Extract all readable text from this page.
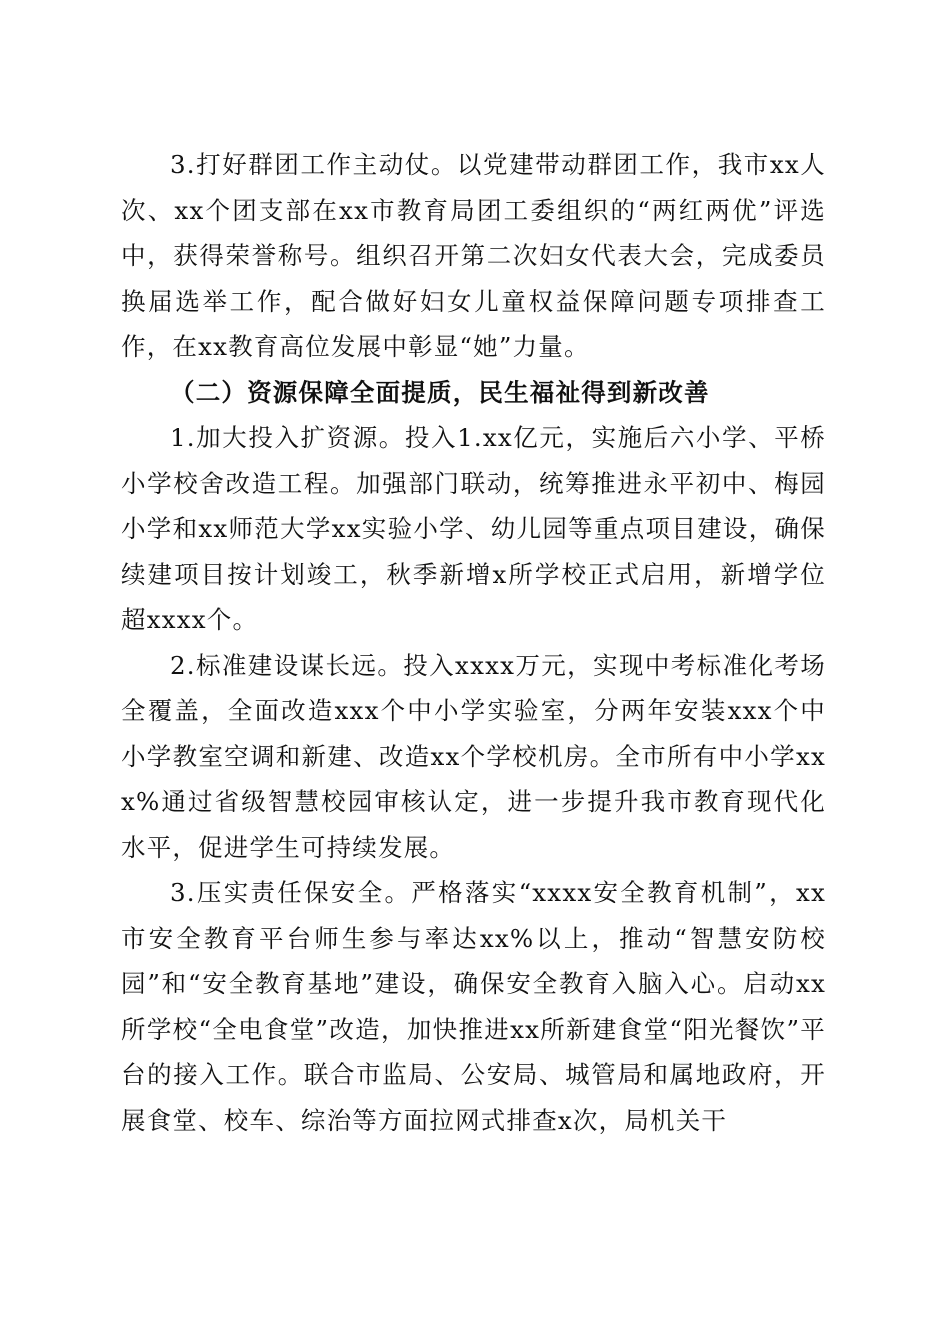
3.打好群团工作主动仗。以党建带动群团工作，我市xx人次、xx个团支部在xx市教育局团工委组织的“两红两优”评选中，获得荣誉称号。组织召开第二次妇女代表大会，完成委员换届选举工作，配合做好妇女儿童权益保障问题专项排查工作，在xx教育高位发展中彰显“她”力量。

（二）资源保障全面提质，民生福祉得到新改善

1.加大投入扩资源。投入1.xx亿元，实施后六小学、平桥小学校舍改造工程。加强部门联动，统筹推进永平初中、梅园小学和xx师范大学xx实验小学、幼儿园等重点项目建设，确保续建项目按计划竣工，秋季新增x所学校正式启用，新增学位超xxxx个。

2.标准建设谋长远。投入xxxx万元，实现中考标准化考场全覆盖，全面改造xxx个中小学实验室，分两年安装xxx个中小学教室空调和新建、改造xx个学校机房。全市所有中小学xxx%通过省级智慧校园审核认定，进一步提升我市教育现代化水平，促进学生可持续发展。

3.压实责任保安全。严格落实“xxxx安全教育机制”，xx市安全教育平台师生参与率达xx%以上，推动“智慧安防校园”和“安全教育基地”建设，确保安全教育入脑入心。启动xx所学校“全电食堂”改造，加快推进xx所新建食堂“阳光餐饮”平台的接入工作。联合市监局、公安局、城管局和属地政府，开展食堂、校车、综治等方面拉网式排查x次，局机关干
